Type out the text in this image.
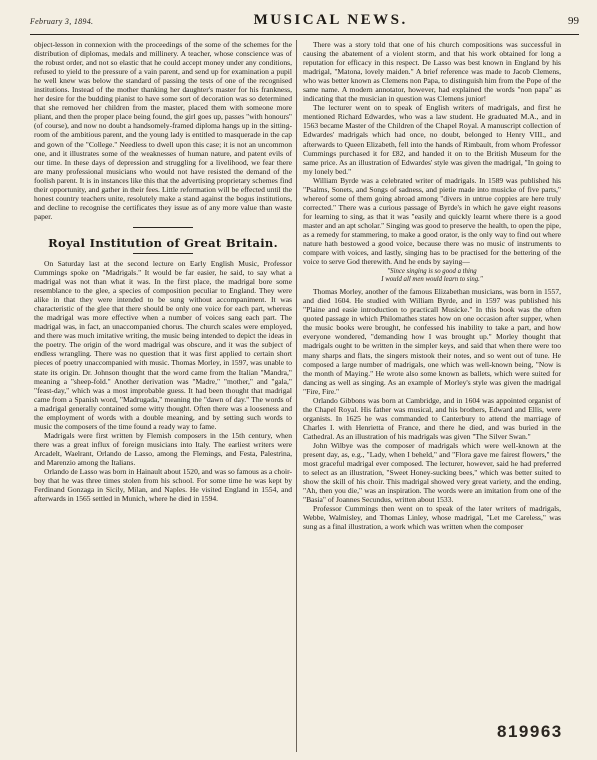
February 3, 1894.	MUSICAL NEWS.	99

object-lesson in connexion with the proceedings of the some of the schemes for the distribution of diplomas, medals and millinery. A teacher, whose conscience was of the robust order, and not so elastic that he could accept money under any conditions, refused to yield to the pressure of a vain parent, and send up for examination a pupil he well knew was below the standard of passing the tests of one of the recognised institutions. Instead of the mother thanking her daughter's master for his frankness, her desire for the budding pianist to have some sort of decoration was so determined that she removed her children from the master, placed them with someone more pliant, and then the proper place being found, the girl goes up, passes "with honours" (of course), and now no doubt a handsomely-framed diploma hangs up in the sitting-room of the ambitious parent, and the young lady is entitled to masquerade in the cap and gown of the "College." Needless to dwell upon this case; it is not an uncommon one, and it illustrates some of the weaknesses of human nature, and patent evils of our time. In these days of depression and struggling for a livelihood, we fear there are many professional musicians who would not have resisted the demand of the foolish parent. It is in instances like this that the advertising proprietary schemes find their opportunity, and gather in their fees. Little reformation will be effected until the honest country teachers unite, resolutely make a stand against the bogus institutions, and decline to recognise the certificates they issue as of any more value than waste paper.

Royal Institution of Great Britain.

On Saturday last at the second lecture on Early English Music, Professor Cummings spoke on "Madrigals." It would be far easier, he said, to say what a madrigal was not than what it was. In the first place, the madrigal bore some resemblance to the glee, a species of composition peculiar to England. They were alike in that they were intended to be sung without accompaniment. It was characteristic of the glee that there should be only one voice for each part, whereas the madrigal was more effective when a number of voices sang each part. The madrigal was, in fact, an unaccompanied chorus. The church scales were employed, and there was much imitative writing, the music being intended to depict the ideas in the poetry. The origin of the word madrigal was obscure, and it was the subject of endless wrangling. There was no question that it was first applied to certain short pieces of poetry unaccompanied with music. Thomas Morley, in 1597, was unable to state its origin. Dr. Johnson thought that the word came from the Italian "Mandra," meaning a "sheep-fold." Another derivation was "Madre," "mother," and "gala," "feast-day," which was a most improbable guess. It had been thought that madrigal came from a Spanish word, "Madrugada," meaning the "dawn of day." The words of a madrigal generally contained some witty thought. Often there was a looseness and the employment of words with a double meaning, and by setting such words to music the composers of the time found a ready way to fame.

Madrigals were first written by Flemish composers in the 15th century, when there was a great influx of foreign musicians into Italy. The earliest writers were Arcadelt, Waelrant, Orlando de Lasso, among the Flemings, and Festa, Palestrina, and Marenzio among the Italians.

Orlando de Lasso was born in Hainault about 1520, and was so famous as a choir-boy that he was three times stolen from his school. For some time he was kept by Ferdinand Gonzaga in Sicily, Milan, and Naples. He visited England in 1554, and afterwards in 1565 settled in Munich, where he died in 1594.

There was a story told that one of his church compositions was successful in causing the abatement of a violent storm, and that his work obtained for long a reputation for efficacy in this respect. De Lasso was best known in England by his madrigal, "Matona, lovely maiden." A brief reference was made to Jacob Clemens, who was better known as Clemens non Papa, to distinguish him from the Pope of the same name. A modern annotator, however, had explained the words "non papa" as indicating that the musician in question was Clemens junior!

The lecturer went on to speak of English writers of madrigals, and first he mentioned Richard Edwardes, who was a law student. He graduated M.A., and in 1563 became Master of the Children of the Chapel Royal. A manuscript collection of Edwardes' madrigals which had once, no doubt, belonged to Henry VIII., and afterwards to Queen Elizabeth, fell into the hands of Rimbault, from whom Professor Cummings purchased it for £82, and handed it on to the British Museum for the same price. As an illustration of Edwardes' style was given the madrigal, "In going to my lonely bed."

William Byrde was a celebrated writer of madrigals. In 1589 was published his "Psalms, Sonets, and Songs of sadness, and pietie made into musicke of five parts," whereof some of them going abroad among "divers in untrue coppies are here truly corrected." There was a curious passage of Byrde's in which he gave eight reasons for learning to sing, as that it was "easily and quickly learnt where there is a good master and an apt scholar." Singing was good to preserve the health, to open the pipe, as a remedy for stammering, to make a good orator, is the only way to find out where nature hath bestowed a good voice, because there was no music of instruments to compare with voices, and lastly, singing has to be practised for the bettering of the voice to serve God therewith. And he ends by saying—

"Since singing is so good a thing
I would all men would learn to sing."

Thomas Morley, another of the famous Elizabethan musicians, was born in 1557, and died 1604. He studied with William Byrde, and in 1597 was published his "Plaine and easie introduction to practicall Musicke." In this book was the often quoted passage in which Philomathes states how on one occasion after supper, when the music books were brought, he confessed his inability to take a part, and how everyone wondered, "demanding how I was brought up." Morley thought that madrigals ought to be written in the simpler keys, and said that when there were too many sharps and flats, the singers mistook their notes, and so went out of tune. He composed a large number of madrigals, one which was well-known being, "Now is the month of Maying." He wrote also some known as ballets, which were suited for dancing as well as singing. As an example of Morley's style was given the madrigal "Fire, Fire."

Orlando Gibbons was born at Cambridge, and in 1604 was appointed organist of the Chapel Royal. His father was musical, and his brothers, Edward and Ellis, were organists. In 1625 he was commanded to Canterbury to attend the marriage of Charles I. with Henrietta of France, and there he died, and was buried in the Cathedral. As an illustration of his madrigals was given "The Silver Swan."

John Wilbye was the composer of madrigals which were well-known at the present day, as, e.g., "Lady, when I beheld," and "Flora gave me fairest flowers," the most graceful madrigal ever composed. The lecturer, however, said he had preferred to select as an illustration, "Sweet Honey-sucking bees," which was better suited to show the skill of his choir. This madrigal showed very great variety, and the ending, "Ah, then you die," was an inspiration. The words were an imitation from one of the "Basia" of Joannes Secundus, written about 1533.

Professor Cummings then went on to speak of the later writers of madrigals, Webbe, Walmisley, and Thomas Linley, whose madrigal, "Let me Careless," was sung as a final illustration, a work which was written when the composer

819963
